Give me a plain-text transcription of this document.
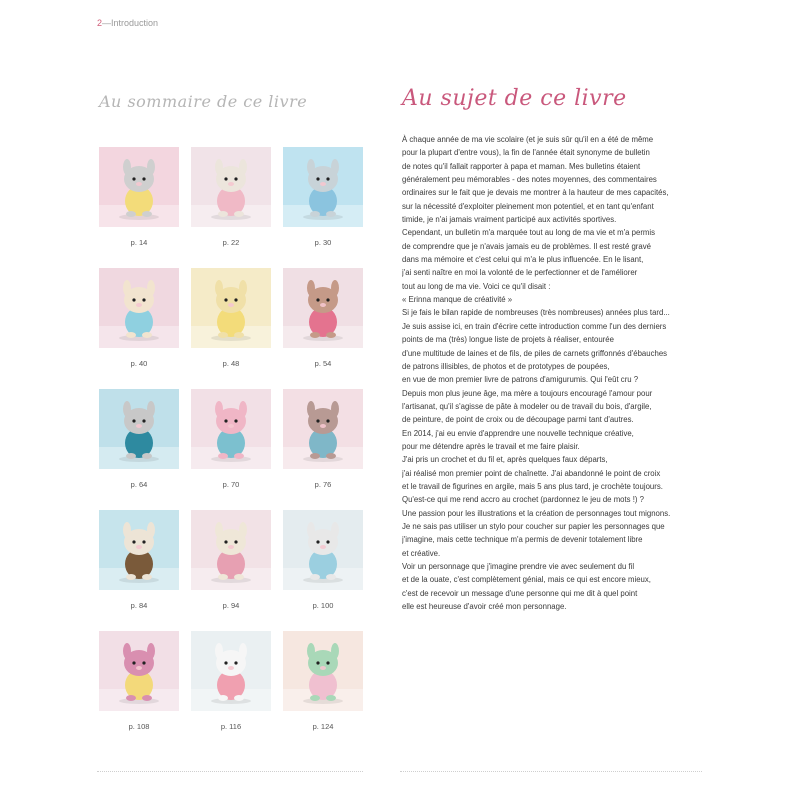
2—Introduction
Au sommaire de ce livre	Au sujet de ce livre
p. 14	p. 22	p. 30
p. 40	p. 48	p. 54
p. 64	p. 70	p. 76
p. 84	p. 94	p. 100
p. 108	p. 116	p. 124
À chaque année de ma vie scolaire (et je suis sûr qu'il en a été de même
pour la plupart d'entre vous), la fin de l'année était synonyme de bulletin
de notes qu'il fallait rapporter à papa et maman. Mes bulletins étaient
généralement peu mémorables - des notes moyennes, des commentaires
ordinaires sur le fait que je devais me montrer à la hauteur de mes capacités,
sur la nécessité d'exploiter pleinement mon potentiel, et en tant qu'enfant
timide, je n'ai jamais vraiment participé aux activités sportives.
Cependant, un bulletin m'a marquée tout au long de ma vie et m'a permis
de comprendre que je n'avais jamais eu de problèmes. Il est resté gravé
dans ma mémoire et c'est celui qui m'a le plus influencée. En le lisant,
j'ai senti naître en moi la volonté de le perfectionner et de l'améliorer
tout au long de ma vie. Voici ce qu'il disait :
« Erinna manque de créativité »
Si je fais le bilan rapide de nombreuses (très nombreuses) années plus tard...
Je suis assise ici, en train d'écrire cette introduction comme l'un des derniers
points de ma (très) longue liste de projets à réaliser, entourée
d'une multitude de laines et de fils, de piles de carnets griffonnés d'ébauches
de patrons illisibles, de photos et de prototypes de poupées,
en vue de mon premier livre de patrons d'amigurumis. Qui l'eût cru ?
Depuis mon plus jeune âge, ma mère a toujours encouragé l'amour pour
l'artisanat, qu'il s'agisse de pâte à modeler ou de travail du bois, d'argile,
de peinture, de point de croix ou de découpage parmi tant d'autres.
En 2014, j'ai eu envie d'apprendre une nouvelle technique créative,
pour me détendre après le travail et me faire plaisir.
J'ai pris un crochet et du fil et, après quelques faux départs,
j'ai réalisé mon premier point de chaînette. J'ai abandonné le point de croix
et le travail de figurines en argile, mais 5 ans plus tard, je crochète toujours.
Qu'est-ce qui me rend accro au crochet (pardonnez le jeu de mots !) ?
Une passion pour les illustrations et la création de personnages tout mignons.
Je ne sais pas utiliser un stylo pour coucher sur papier les personnages que
j'imagine, mais cette technique m'a permis de devenir totalement libre
et créative.
Voir un personnage que j'imagine prendre vie avec seulement du fil
et de la ouate, c'est complètement génial, mais ce qui est encore mieux,
c'est de recevoir un message d'une personne qui me dit à quel point
elle est heureuse d'avoir créé mon personnage.
